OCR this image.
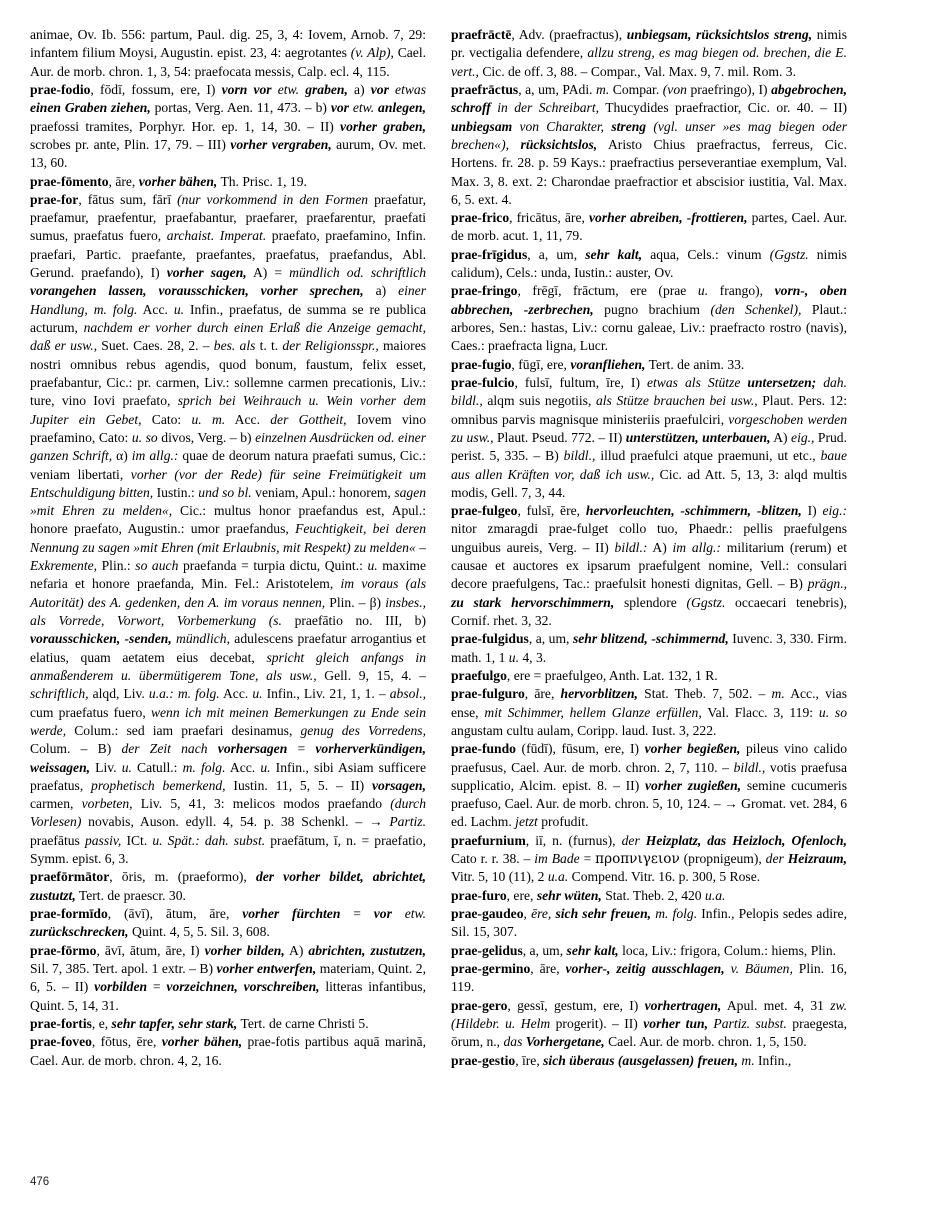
animae, Ov. Ib. 556: partum, Paul. dig. 25, 3, 4: Iovem, Arnob. 7, 29: infantem filium Moysi, Augustin. epist. 23, 4: aegrotantes (v. Alp), Cael. Aur. de morb. chron. 1, 3, 54: praefocata messis, Calp. ecl. 4, 115.

prae-fodio, fōdī, fossum, ere, I) vorn vor etw. graben, a) vor etwas einen Graben ziehen, portas, Verg. Aen. 11, 473. – b) vor etw. anlegen, praefossi tramites, Porphyr. Hor. ep. 1, 14, 30. – II) vorher graben, scrobes pr. ante, Plin. 17, 79. – III) vorher vergraben, aurum, Ov. met. 13, 60.

prae-fōmento, āre, vorher bähen, Th. Prisc. 1, 19.

prae-for, fātus sum, fārī (nur vorkommend in den Formen praefatur, praefamur, praefentur, praefabantur, praefarer, praefarentur, praefati sumus, praefatus fuero, archaist. Imperat. praefato, praefamino, Infin. praefari, Partic. praefante, praefantes, praefatus, praefandus, Abl. Gerund. praefando), I) vorher sagen, A) = mündlich od. schriftlich vorangehen lassen, vorausschicken, vorher sprechen, a) einer Handlung, m. folg. Acc. u. Infin., praefatus, de summa se re publica acturum, nachdem er vorher durch einen Erlaß die Anzeige gemacht, daß er usw., Suet. Caes. 28, 2. – bes. als t. t. der Religionsspr., maiores nostri omnibus rebus agendis, quod bonum, faustum, felix esset, praefabantur, Cic.: pr. carmen, Liv.: sollemne carmen precationis, Liv.: ture, vino Iovi praefato, sprich bei Weihrauch u. Wein vorher dem Jupiter ein Gebet, Cato: u. m. Acc. der Gottheit, Iovem vino praefamino, Cato: u. so divos, Verg. – b) einzelnen Ausdrücken od. einer ganzen Schrift, α) im allg.: quae de deorum natura praefati sumus, Cic.: veniam libertati, vorher (vor der Rede) für seine Freimütigkeit um Entschuldigung bitten, Iustin.: und so bl. veniam, Apul.: honorem, sagen »mit Ehren zu melden«, Cic.: multus honor praefandus est, Apul.: honore praefato, Augustin.: umor praefandus, Feuchtigkeit, bei deren Nennung zu sagen »mit Ehren (mit Erlaubnis, mit Respekt) zu melden« – Exkremente, Plin.: so auch praefanda = turpia dictu, Quint.: u. maxime nefaria et honore praefanda, Min. Fel.: Aristotelem, im voraus (als Autorität) des A. gedenken, den A. im voraus nennen, Plin. – β) insbes., als Vorrede, Vorwort, Vorbemerkung (s. praefātio no. III, b) vorausschicken, -senden, mündlich, adulescens praefatur arrogantius et elatius, quam aetatem eius decebat, spricht gleich anfangs in anmaßenderem u. übermütigerem Tone, als usw., Gell. 9, 15, 4. – schriftlich, alqd, Liv. u.a.: m. folg. Acc. u. Infin., Liv. 21, 1, 1. – absol., cum praefatus fuero, wenn ich mit meinen Bemerkungen zu Ende sein werde, Colum.: sed iam praefari desinamus, genug des Vorredens, Colum. – B) der Zeit nach vorhersagen = vorherverkündigen, weissagen, Liv. u. Catull.: m. folg. Acc. u. Infin., sibi Asiam sufficere praefatus, prophetisch bemerkend, Iustin. 11, 5, 5. – II) vorsagen, carmen, vorbeten, Liv. 5, 41, 3: melicos modos praefando (durch Vorlesen) novabis, Auson. edyll. 4, 54. p. 38 Schenkl. – → Partiz. praefātus passiv, ICt. u. Spät.: dah. subst. praefātum, ī, n. = praefatio, Symm. epist. 6, 3.

praefōrmātor, ōris, m. (praeformo), der vorher bildet, abrichtet, zustutzt, Tert. de praescr. 30.

prae-formīdo, (āvī), ātum, āre, vorher fürchten = vor etw. zurückschrecken, Quint. 4, 5, 5. Sil. 3, 608.

prae-fōrmo, āvī, ātum, āre, I) vorher bilden, A) abrichten, zustutzen, Sil. 7, 385. Tert. apol. 1 extr. – B) vorher entwerfen, materiam, Quint. 2, 6, 5. – II) vorbilden = vorzeichnen, vorschreiben, litteras infantibus, Quint. 5, 14, 31.

prae-fortis, e, sehr tapfer, sehr stark, Tert. de carne Christi 5.

prae-foveo, fōtus, ēre, vorher bähen, prae-fotis partibus aquā marinā, Cael. Aur. de morb. chron. 4, 2, 16.

praefrāctē, Adv. (praefractus), unbiegsam, rücksichtslos streng, nimis pr. vectigalia defendere, allzu streng, es mag biegen od. brechen, die E. vert., Cic. de off. 3, 88. – Compar., Val. Max. 9, 7. mil. Rom. 3.

praefrāctus, a, um, PAdi. m. Compar. (von praefringo), I) abgebrochen, schroff in der Schreibart, Thucydides praefractior, Cic. or. 40. – II) unbiegsam von Charakter, streng (vgl. unser »es mag biegen oder brechen«), rücksichtslos, Aristo Chius praefractus, ferreus, Cic. Hortens. fr. 28. p. 59 Kays.: praefractius perseverantiae exemplum, Val. Max. 3, 8. ext. 2: Charondae praefractior et abscisior iustitia, Val. Max. 6, 5. ext. 4.

prae-frico, fricātus, āre, vorher abreiben, -frottieren, partes, Cael. Aur. de morb. acut. 1, 11, 79.

prae-frīgidus, a, um, sehr kalt, aqua, Cels.: vinum (Ggstz. nimis calidum), Cels.: unda, Iustin.: auster, Ov.

prae-fringo, frēgī, frāctum, ere (prae u. frango), vorn-, oben abbrechen, -zerbrechen, pugno brachium (den Schenkel), Plaut.: arbores, Sen.: hastas, Liv.: cornu galeae, Liv.: praefracto rostro (navis), Caes.: praefracta ligna, Lucr.

prae-fugio, fūgī, ere, voranfliehen, Tert. de anim. 33.

prae-fulcio, fulsī, fultum, īre, I) etwas als Stütze untersetzen; dah. bildl., alqm suis negotiis, als Stütze brauchen bei usw., Plaut. Pers. 12: omnibus parvis magnisque ministeriis praefulciri, vorgeschoben werden zu usw., Plaut. Pseud. 772. – II) unterstützen, unterbauen, A) eig., Prud. perist. 5, 335. – B) bildl., illud praefulci atque praemuni, ut etc., baue aus allen Kräften vor, daß ich usw., Cic. ad Att. 5, 13, 3: alqd multis modis, Gell. 7, 3, 44.

prae-fulgeo, fulsī, ēre, hervorleuchten, -schimmern, -blitzen, I) eig.: nitor zmaragdi prae-fulget collo tuo, Phaedr.: pellis praefulgens unguibus aureis, Verg. – II) bildl.: A) im allg.: militarium (rerum) et causae et auctores ex ipsarum praefulgent nomine, Vell.: consulari decore praefulgens, Tac.: praefulsit honesti dignitas, Gell. – B) prägn., zu stark hervorschimmern, splendore (Ggstz. occaecari tenebris), Cornif. rhet. 3, 32.

prae-fulgidus, a, um, sehr blitzend, -schimmernd, Iuvenc. 3, 330. Firm. math. 1, 1 u. 4, 3.

praefulgo, ere = praefulgeo, Anth. Lat. 132, 1 R.

prae-fulguro, āre, hervorblitzen, Stat. Theb. 7, 502. – m. Acc., vias ense, mit Schimmer, hellem Glanze erfüllen, Val. Flacc. 3, 119: u. so angustam cultu aulam, Coripp. laud. Iust. 3, 222.

prae-fundo (fūdī), fūsum, ere, I) vorher begießen, pileus vino calido praefusus, Cael. Aur. de morb. chron. 2, 7, 110. – bildl., votis praefusa supplicatio, Alcim. epist. 8. – II) vorher zugießen, semine cucumeris praefuso, Cael. Aur. de morb. chron. 5, 10, 124. – → Gromat. vet. 284, 6 ed. Lachm. jetzt profudit.

praefurnium, iī, n. (furnus), der Heizplatz, das Heizloch, Ofenloch, Cato r. r. 38. – im Bade = προπνιγειον (propnigeum), der Heizraum, Vitr. 5, 10 (11), 2 u.a. Compend. Vitr. 16. p. 300, 5 Rose.

prae-furo, ere, sehr wüten, Stat. Theb. 2, 420 u.a.

prae-gaudeo, ēre, sich sehr freuen, m. folg. Infin., Pelopis sedes adire, Sil. 15, 307.

prae-gelidus, a, um, sehr kalt, loca, Liv.: frigora, Colum.: hiems, Plin.

prae-germino, āre, vorher-, zeitig ausschlagen, v. Bäumen, Plin. 16, 119.

prae-gero, gessī, gestum, ere, I) vorhertragen, Apul. met. 4, 31 zw. (Hildebr. u. Helm progerit). – II) vorher tun, Partiz. subst. praegesta, ōrum, n., das Vorhergetane, Cael. Aur. de morb. chron. 1, 5, 150.

prae-gestio, īre, sich überaus (ausgelassen) freuen, m. Infin.,

476
